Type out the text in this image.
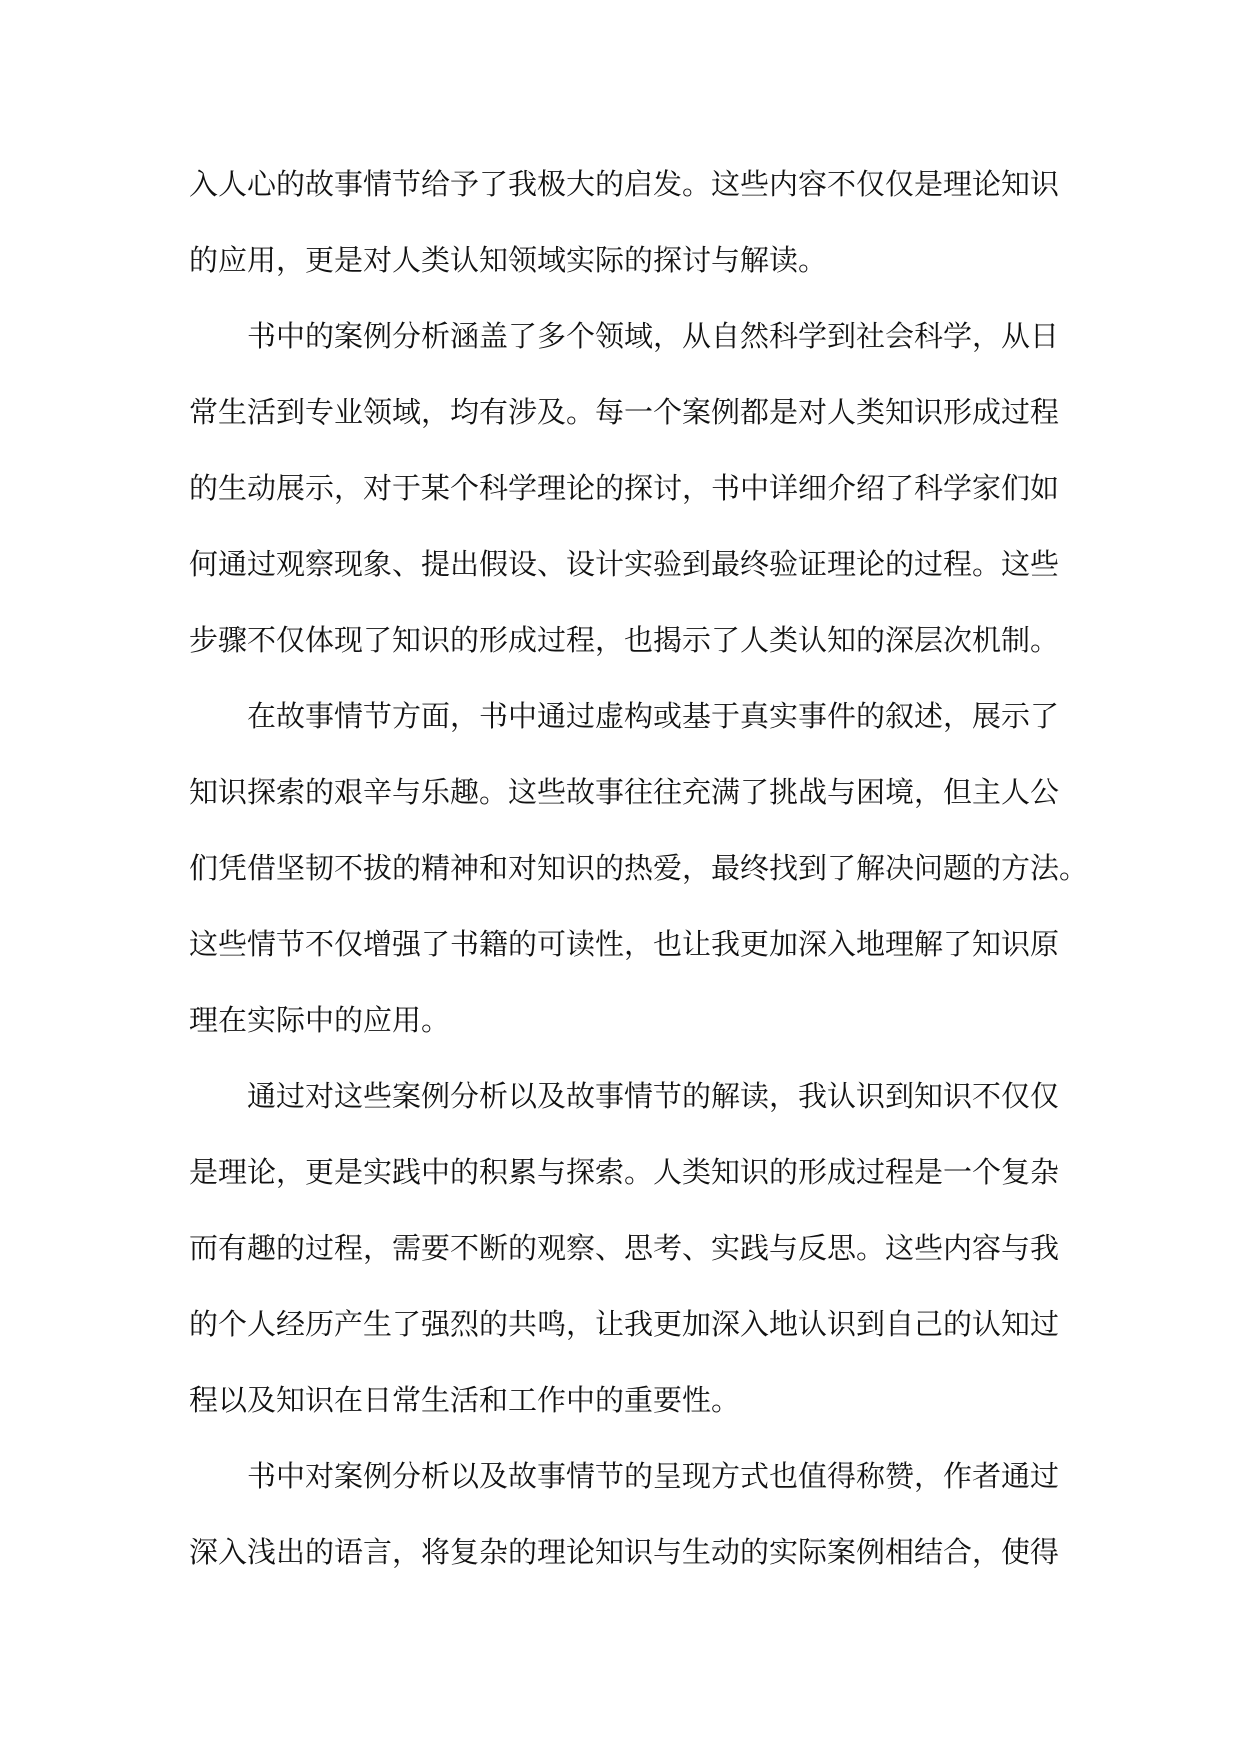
入人心的故事情节给予了我极大的启发。这些内容不仅仅是理论知识
的应用，更是对人类认知领域实际的探讨与解读。
书中的案例分析涵盖了多个领域，从自然科学到社会科学，从日
常生活到专业领域，均有涉及。每一个案例都是对人类知识形成过程
的生动展示，对于某个科学理论的探讨，书中详细介绍了科学家们如
何通过观察现象、提出假设、设计实验到最终验证理论的过程。这些
步骤不仅体现了知识的形成过程，也揭示了人类认知的深层次机制。
在故事情节方面，书中通过虚构或基于真实事件的叙述，展示了
知识探索的艰辛与乐趣。这些故事往往充满了挑战与困境，但主人公
们凭借坚韧不拔的精神和对知识的热爱，最终找到了解决问题的方法。
这些情节不仅增强了书籍的可读性，也让我更加深入地理解了知识原
理在实际中的应用。
通过对这些案例分析以及故事情节的解读，我认识到知识不仅仅
是理论，更是实践中的积累与探索。人类知识的形成过程是一个复杂
而有趣的过程，需要不断的观察、思考、实践与反思。这些内容与我
的个人经历产生了强烈的共鸣，让我更加深入地认识到自己的认知过
程以及知识在日常生活和工作中的重要性。
书中对案例分析以及故事情节的呈现方式也值得称赞，作者通过
深入浅出的语言，将复杂的理论知识与生动的实际案例相结合，使得
